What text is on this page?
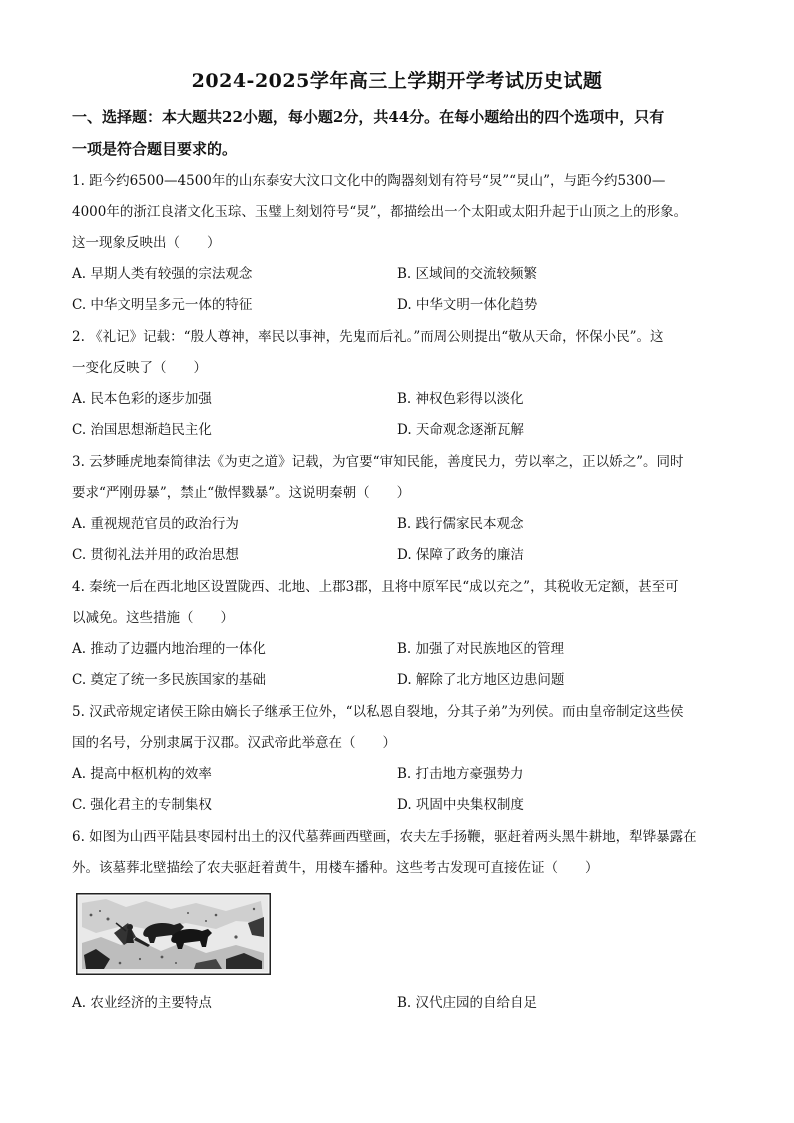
2024-2025学年高三上学期开学考试历史试题
一、选择题：本大题共22小题，每小题2分，共44分。在每小题给出的四个选项中，只有
一项是符合题目要求的。
1. 距今约6500—4500年的山东泰安大汶口文化中的陶器刻划有符号“炅”“炅山”，与距今约5300—
4000年的浙江良渚文化玉琮、玉璧上刻划符号“炅”，都描绘出一个太阳或太阳升起于山顶之上的形象。
这一现象反映出（　　）
A. 早期人类有较强的宗法观念	B. 区域间的交流较频繁
C. 中华文明呈多元一体的特征	D. 中华文明一体化趋势
2. 《礼记》记载：“殷人尊神，率民以事神，先鬼而后礼。”而周公则提出“敬从天命，怀保小民”。这
一变化反映了（　　）
A. 民本色彩的逐步加强	B. 神权色彩得以淡化
C. 治国思想渐趋民主化	D. 天命观念逐渐瓦解
3. 云梦睡虎地秦简律法《为吏之道》记载，为官要“审知民能，善度民力，劳以率之，正以娇之”。同时
要求“严刚毋暴”，禁止“傲悍戮暴”。这说明秦朝（　　）
A. 重视规范官员的政治行为	B. 践行儒家民本观念
C. 贯彻礼法并用的政治思想	D. 保障了政务的廉洁
4. 秦统一后在西北地区设置陇西、北地、上郡3郡，且将中原军民“成以充之”，其税收无定额，甚至可
以减免。这些措施（　　）
A. 推动了边疆内地治理的一体化	B. 加强了对民族地区的管理
C. 奠定了统一多民族国家的基础	D. 解除了北方地区边患问题
5. 汉武帝规定诸侯王除由嫡长子继承王位外，“以私恩自裂地，分其子弟”为列侯。而由皇帝制定这些侯
国的名号，分别隶属于汉郡。汉武帝此举意在（　　）
A. 提高中枢机构的效率	B. 打击地方豪强势力
C. 强化君主的专制集权	D. 巩固中央集权制度
6. 如图为山西平陆县枣园村出土的汉代墓葬画西壁画，农夫左手扬鞭，驱赶着两头黑牛耕地，犁铧暴露在
外。该墓葬北壁描绘了农夫驱赶着黄牛，用楼车播种。这些考古发现可直接佐证（　　）
A. 农业经济的主要特点	B. 汉代庄园的自给自足
